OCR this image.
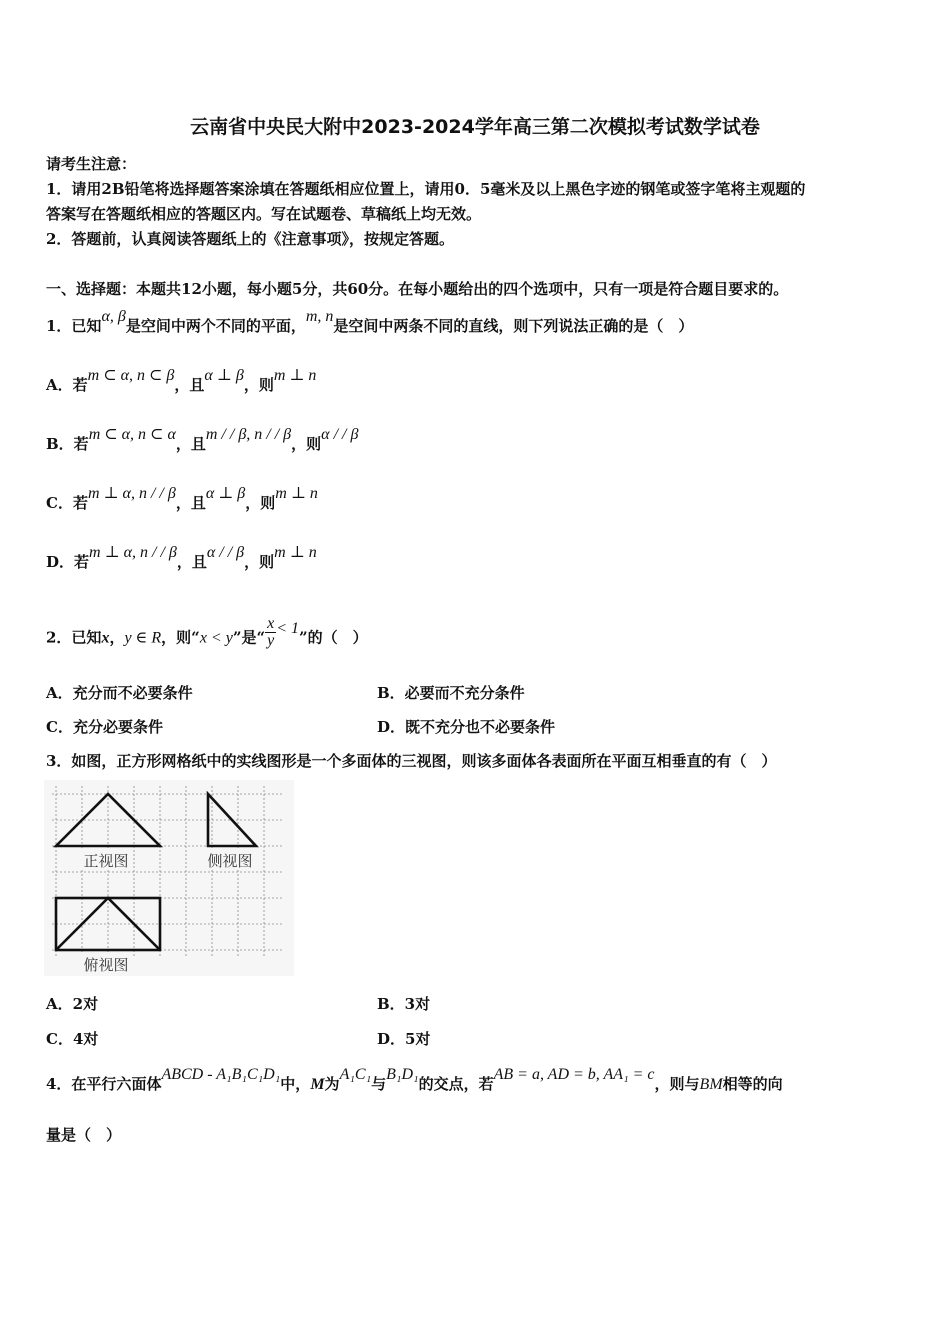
云南省中央民大附中2023-2024学年高三第二次模拟考试数学试卷
请考生注意：
1．请用2B铅笔将选择题答案涂填在答题纸相应位置上，请用0．5毫米及以上黑色字迹的钢笔或签字笔将主观题的
答案写在答题纸相应的答题区内。写在试题卷、草稿纸上均无效。
2．答题前，认真阅读答题纸上的《注意事项》，按规定答题。
一、选择题：本题共12小题，每小题5分，共60分。在每小题给出的四个选项中，只有一项是符合题目要求的。
1．已知α, β是空间中两个不同的平面，m, n是空间中两条不同的直线，则下列说法正确的是（　）
A．若m ⊂ α, n ⊂ β，且α ⊥ β，则m ⊥ n
B．若m ⊂ α, n ⊂ α，且m / / β, n / / β，则α / / β
C．若m ⊥ α, n / / β，且α ⊥ β，则m ⊥ n
D．若m ⊥ α, n / / β，且α / / β，则m ⊥ n
2．已知x，y ∈ R，则“x < y”是“ $\frac{x}{y} < 1$”的（　）
A．充分而不必要条件	B．必要而不充分条件
C．充分必要条件	D．既不充分也不必要条件
3．如图，正方形网格纸中的实线图形是一个多面体的三视图，则该多面体各表面所在平面互相垂直的有（　）
正视图	侧视图
俯视图
A．2对	B．3对
C．4对	D．5对
4．在平行六面体ABCD - A₁B₁C₁D₁中，M为A₁C₁与B₁D₁的交点，若AB = a, AD = b, AA₁ = c，则与BM相等的向
量是（　）
